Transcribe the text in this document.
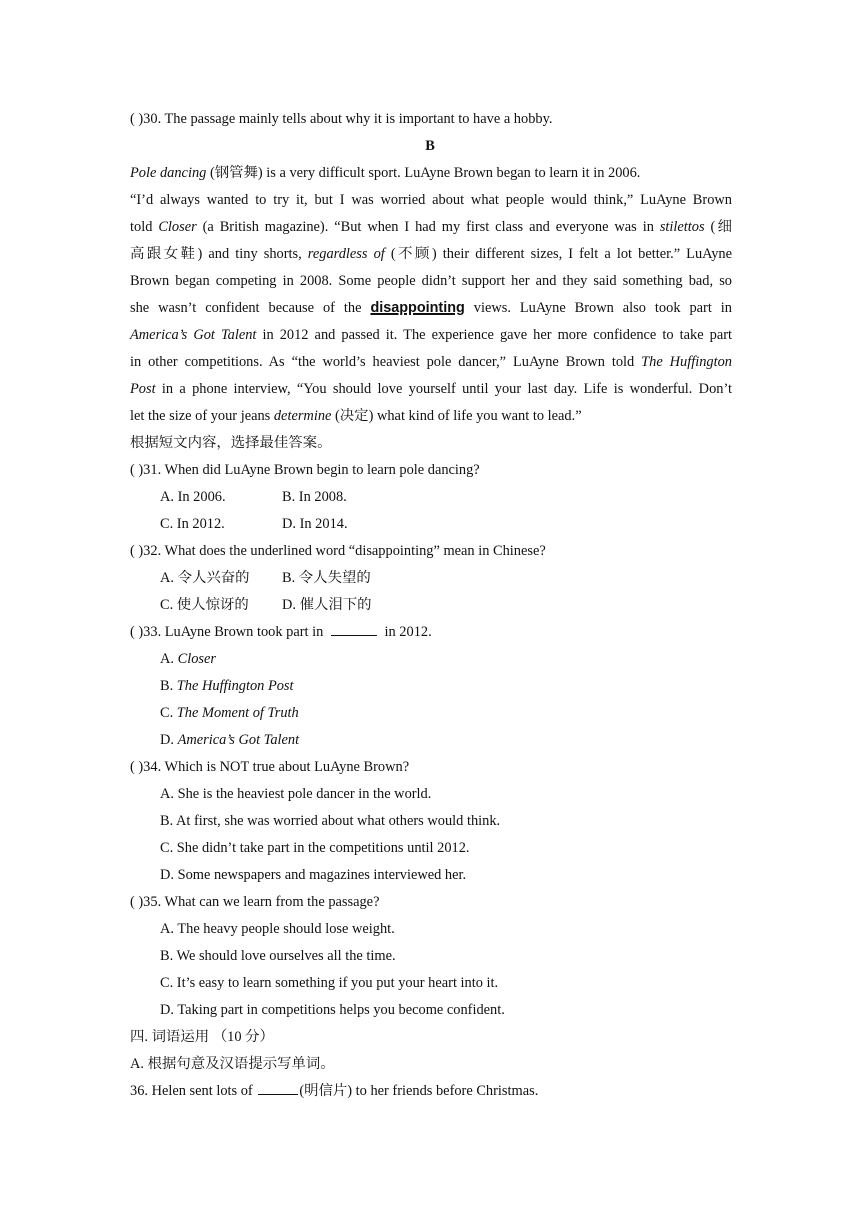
( )30. The passage mainly tells about why it is important to have a hobby.
B
Pole dancing (钢管舞) is a very difficult sport. LuAyne Brown began to learn it in 2006.
“I’d always wanted to try it, but I was worried about what people would think,” LuAyne Brown
told Closer (a British magazine). “But when I had my first class and everyone was in stilettos (细
高跟女鞋) and tiny shorts, regardless of (不顾) their different sizes, I felt a lot better.” LuAyne
Brown began competing in 2008. Some people didn’t support her and they said something bad, so
she wasn’t confident because of the disappointing views. LuAyne Brown also took part in
America’s Got Talent in 2012 and passed it. The experience gave her more confidence to take part
in other competitions. As “the world’s heaviest pole dancer,” LuAyne Brown told The Huffington
Post in a phone interview, “You should love yourself until your last day. Life is wonderful. Don’t
let the size of your jeans determine (决定) what kind of life you want to lead.”
根据短文内容，选择最佳答案。
( )31. When did LuAyne Brown begin to learn pole dancing?
A. In 2006.	B. In 2008.
C. In 2012.	D. In 2014.
( )32. What does the underlined word “disappointing” mean in Chinese?
A. 令人兴奋的 B. 令人失望的
C. 使人惊讶的 D. 催人泪下的
( )33. LuAyne Brown took part in	in 2012.
A. Closer
B. The Huffington Post
C. The Moment of Truth
D. America’s Got Talent
( )34. Which is NOT true about LuAyne Brown?
A. She is the heaviest pole dancer in the world.
B. At first, she was worried about what others would think.
C. She didn’t take part in the competitions until 2012.
D. Some newspapers and magazines interviewed her.
( )35. What can we learn from the passage?
A. The heavy people should lose weight.
B. We should love ourselves all the time.
C. It’s easy to learn something if you put your heart into it.
D. Taking part in competitions helps you become confident.
四. 词语运用 （10 分）
A. 根据句意及汉语提示写单词。
36. Helen sent lots of	(明信片) to her friends before Christmas.
